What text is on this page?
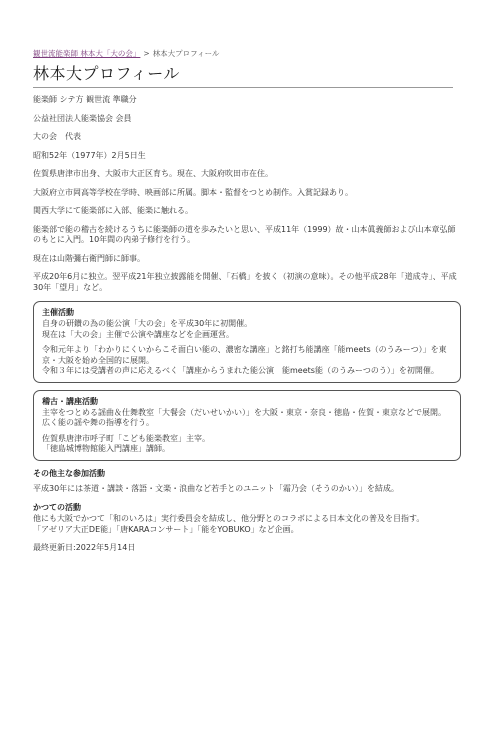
観世流能楽師 林本大「大の会」 > 林本大プロフィール
林本大プロフィール

能楽師 シテ方 観世流 準職分

公益社団法人能楽協会 会員

大の会　代表

昭和52年（1977年）2月5日生

佐賀県唐津市出身、大阪市大正区育ち。現在、大阪府吹田市在住。

大阪府立市岡高等学校在学時、映画部に所属。脚本・監督をつとめ制作。入賞記録あり。

関西大学にて能楽部に入部、能楽に触れる。

能楽部で能の稽古を続けるうちに能楽師の道を歩みたいと思い、平成11年（1999）故・山本眞義師および山本章弘師のもとに入門。10年間の内弟子修行を行う。

現在は山階彌右衛門師に師事。

平成20年6月に独立。翌平成21年独立披露能を開催、「石橋」を披く（初演の意味）。その他平成28年「道成寺」、平成30年「望月」など。

主催活動

自身の研鑽の為の能公演「大の会」を平成30年に初開催。
現在は「大の会」主催で公演や講座などを企画運営。

令和元年より「わかりにくいからこそ面白い能の、濃密な講座」と銘打ち能講座「能meets（のうみーつ）」を東京・大阪を始め全国的に展開。
令和３年には受講者の声に応えるべく「講座からうまれた能公演　能meets能（のうみーつのう）」を初開催。

稽古・講座活動

主宰をつとめる謡曲＆仕舞教室「大餐会（だいせいかい）」を大阪・東京・奈良・徳島・佐賀・東京などで展開。広く能の謡や舞の指導を行う。

佐賀県唐津市呼子町「こども能楽教室」主宰。
「徳島城博物館能入門講座」講師。

その他主な参加活動

平成30年には茶道・講談・落語・文楽・浪曲など若手とのユニット「霜乃会（そうのかい）」を結成。

かつての活動

他にも大阪でかつて「和のいろは」実行委員会を結成し、他分野とのコラボによる日本文化の普及を目指す。
「アゼリア大正DE能」「唐KARAコンサート」「能をYOBUKO」など企画。

最終更新日:2022年5月14日
